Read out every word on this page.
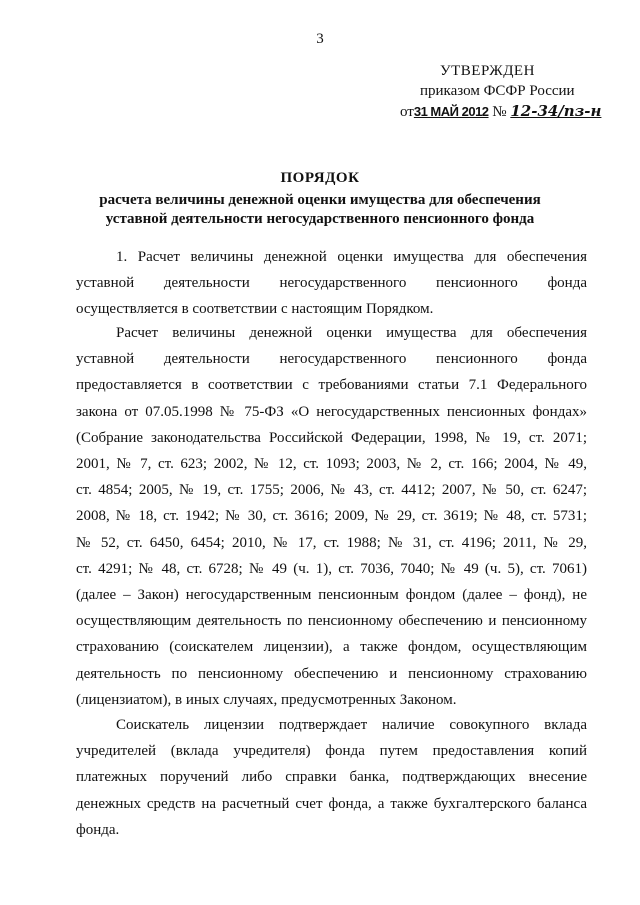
3
УТВЕРЖДЕН
приказом ФСФР России
от31 МАЙ 2012 № 12-34/пз-н
ПОРЯДОК
расчета величины денежной оценки имущества для обеспечения
уставной деятельности негосударственного пенсионного фонда
1. Расчет величины денежной оценки имущества для обеспечения
уставной деятельности негосударственного пенсионного фонда
осуществляется в соответствии с настоящим Порядком.
Расчет величины денежной оценки имущества для обеспечения
уставной деятельности негосударственного пенсионного фонда
предоставляется в соответствии с требованиями статьи 7.1 Федерального
закона от 07.05.1998 № 75-ФЗ «О негосударственных пенсионных фондах»
(Собрание законодательства Российской Федерации, 1998, № 19, ст. 2071;
2001, № 7, ст. 623; 2002, № 12, ст. 1093; 2003, № 2, ст. 166; 2004, № 49,
ст. 4854; 2005, № 19, ст. 1755; 2006, № 43, ст. 4412; 2007, № 50, ст. 6247;
2008, № 18, ст. 1942; № 30, ст. 3616; 2009, № 29, ст. 3619; № 48, ст. 5731;
№ 52, ст. 6450, 6454; 2010, № 17, ст. 1988; № 31, ст. 4196; 2011, № 29,
ст. 4291; № 48, ст. 6728; № 49 (ч. 1), ст. 7036, 7040; № 49 (ч. 5), ст. 7061)
(далее – Закон) негосударственным пенсионным фондом (далее – фонд), не
осуществляющим деятельность по пенсионному обеспечению и пенсионному
страхованию (соискателем лицензии), а также фондом, осуществляющим
деятельность по пенсионному обеспечению и пенсионному страхованию
(лицензиатом), в иных случаях, предусмотренных Законом.
Соискатель лицензии подтверждает наличие совокупного вклада
учредителей (вклада учредителя) фонда путем предоставления копий
платежных поручений либо справки банка, подтверждающих внесение
денежных средств на расчетный счет фонда, а также бухгалтерского баланса
фонда.
